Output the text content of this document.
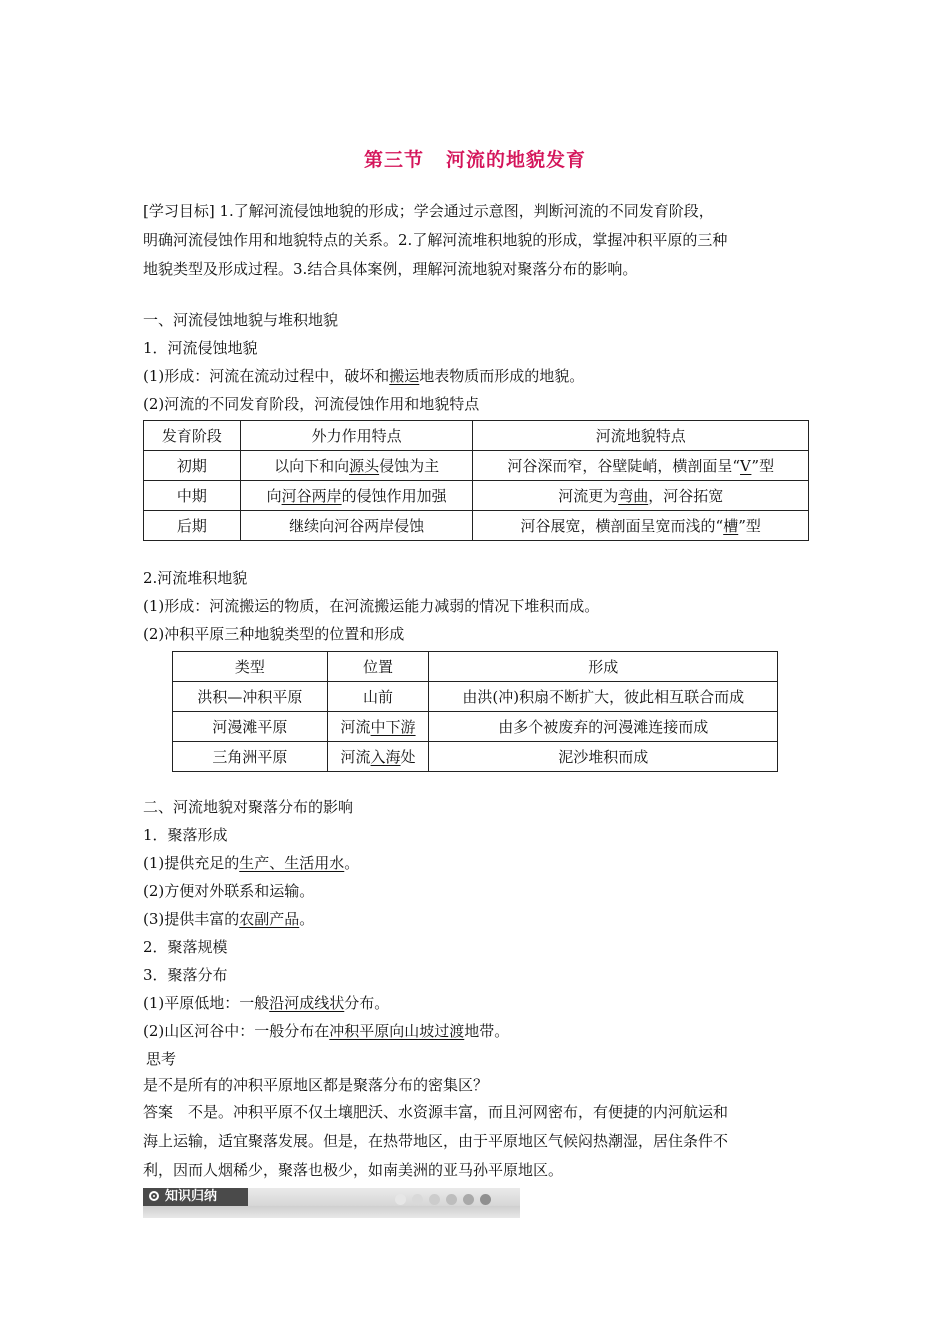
第三节 河流的地貌发育
[学习目标] 1.了解河流侵蚀地貌的形成；学会通过示意图，判断河流的不同发育阶段，
明确河流侵蚀作用和地貌特点的关系。2.了解河流堆积地貌的形成，掌握冲积平原的三种
地貌类型及形成过程。3.结合具体案例，理解河流地貌对聚落分布的影响。
一、河流侵蚀地貌与堆积地貌
1．河流侵蚀地貌
(1)形成：河流在流动过程中，破坏和搬运地表物质而形成的地貌。
(2)河流的不同发育阶段，河流侵蚀作用和地貌特点
发育阶段	外力作用特点	河流地貌特点
初期	以向下和向源头侵蚀为主	河谷深而窄，谷壁陡峭，横剖面呈“V”型
中期	向河谷两岸的侵蚀作用加强	河流更为弯曲，河谷拓宽
后期	继续向河谷两岸侵蚀	河谷展宽，横剖面呈宽而浅的“槽”型
2.河流堆积地貌
(1)形成：河流搬运的物质，在河流搬运能力减弱的情况下堆积而成。
(2)冲积平原三种地貌类型的位置和形成
类型	位置	形成
洪积—冲积平原	山前	由洪(冲)积扇不断扩大，彼此相互联合而成
河漫滩平原	河流中下游	由多个被废弃的河漫滩连接而成
三角洲平原	河流入海处	泥沙堆积而成
二、河流地貌对聚落分布的影响
1．聚落形成
(1)提供充足的生产、生活用水。
(2)方便对外联系和运输。
(3)提供丰富的农副产品。
2．聚落规模
3．聚落分布
(1)平原低地：一般沿河成线状分布。
(2)山区河谷中：一般分布在冲积平原向山坡过渡地带。
思考
是不是所有的冲积平原地区都是聚落分布的密集区？
答案　不是。冲积平原不仅土壤肥沃、水资源丰富，而且河网密布，有便捷的内河航运和
海上运输，适宜聚落发展。但是，在热带地区，由于平原地区气候闷热潮湿，居住条件不
利，因而人烟稀少，聚落也极少，如南美洲的亚马孙平原地区。
知识归纳
